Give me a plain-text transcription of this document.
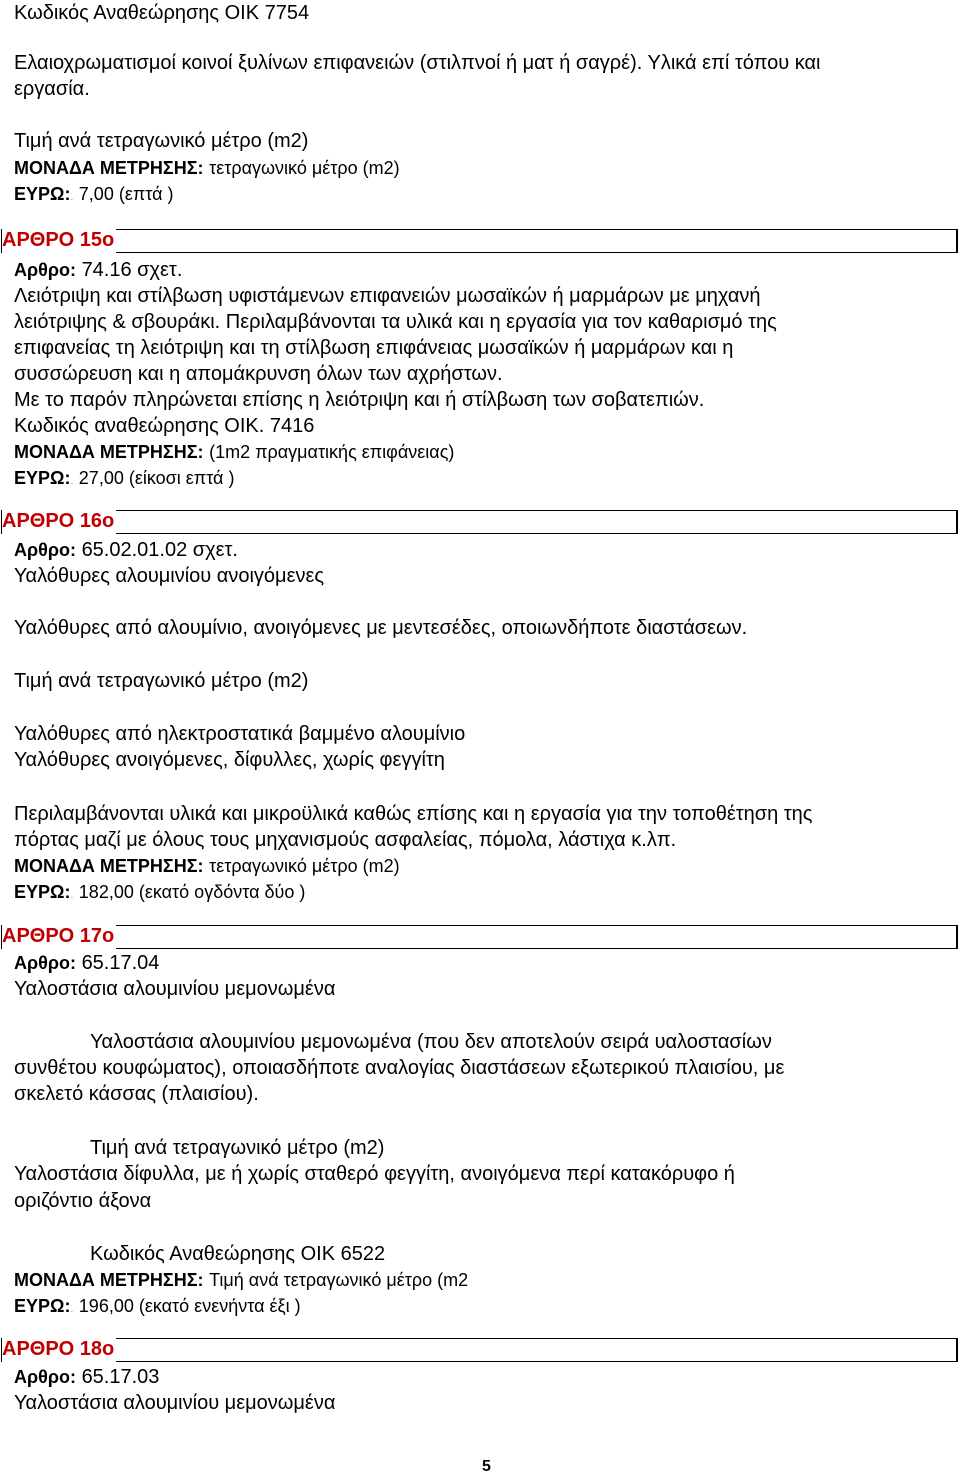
Κωδικός Αναθεώρησης ΟΙΚ 7754
Ελαιοχρωματισμοί κοινοί ξυλίνων επιφανειών (στιλπνοί ή ματ ή σαγρέ). Υλικά επί τόπου και
εργασία.
Τιμή ανά τετραγωνικό μέτρο (m2)
ΜΟΝΑΔΑ ΜΕΤΡΗΣΗΣ: τετραγωνικό μέτρο (m2)
ΕΥΡΩ:. 7,00 (επτά )
ΑΡΘΡΟ 15ο
Αρθρο: 74.16 σχετ.
Λειότριψη και στίλβωση υφιστάμενων επιφανειών μωσαϊκών ή μαρμάρων με μηχανή
λειότριψης & σβουράκι. Περιλαμβάνονται τα υλικά και η εργασία για τον καθαρισμό της
επιφανείας τη λειότριψη και τη στίλβωση επιφάνειας μωσαϊκών ή μαρμάρων και η
συσσώρευση και η απομάκρυνση όλων των αχρήστων.
Με το παρόν πληρώνεται επίσης η λειότριψη και ή στίλβωση των σοβατεπιών.
Κωδικός αναθεώρησης ΟΙΚ. 7416
ΜΟΝΑΔΑ ΜΕΤΡΗΣΗΣ: (1m2 πραγματικής επιφάνειας)
ΕΥΡΩ:. 27,00 (είκοσι επτά )
ΑΡΘΡΟ 16ο
Αρθρο: 65.02.01.02 σχετ.
Υαλόθυρες αλουμινίου ανοιγόμενες
Υαλόθυρες από αλουμίνιο, ανοιγόμενες με μεντεσέδες, οποιωνδήποτε διαστάσεων.
Τιμή ανά τετραγωνικό μέτρο (m2)
Υαλόθυρες από ηλεκτροστατικά βαμμένο αλουμίνιο
Υαλόθυρες ανοιγόμενες, δίφυλλες, χωρίς φεγγίτη
Περιλαμβάνονται υλικά και μικροϋλικά καθώς επίσης και η εργασία για την τοποθέτηση της
πόρτας μαζί με όλους τους μηχανισμούς ασφαλείας, πόμολα, λάστιχα κ.λπ.
ΜΟΝΑΔΑ ΜΕΤΡΗΣΗΣ: τετραγωνικό μέτρο (m2)
ΕΥΡΩ:. 182,00 (εκατό ογδόντα δύο )
ΑΡΘΡΟ 17ο
Αρθρο: 65.17.04
Υαλοστάσια αλουμινίου μεμονωμένα
Υαλοστάσια αλουμινίου μεμονωμένα (που δεν αποτελούν σειρά υαλοστασίων
συνθέτου κουφώματος), οποιασδήποτε αναλογίας διαστάσεων εξωτερικού πλαισίου, με
σκελετό κάσσας (πλαισίου).
Τιμή ανά τετραγωνικό μέτρο (m2)
Υαλοστάσια δίφυλλα, με ή χωρίς σταθερό φεγγίτη, ανοιγόμενα περί κατακόρυφο ή
οριζόντιο άξονα
Κωδικός Αναθεώρησης ΟΙΚ 6522
ΜΟΝΑΔΑ ΜΕΤΡΗΣΗΣ: Τιμή ανά τετραγωνικό μέτρο (m2
ΕΥΡΩ:. 196,00 (εκατό ενενήντα έξι )
ΑΡΘΡΟ 18ο
Αρθρο: 65.17.03
Υαλοστάσια αλουμινίου μεμονωμένα
5
